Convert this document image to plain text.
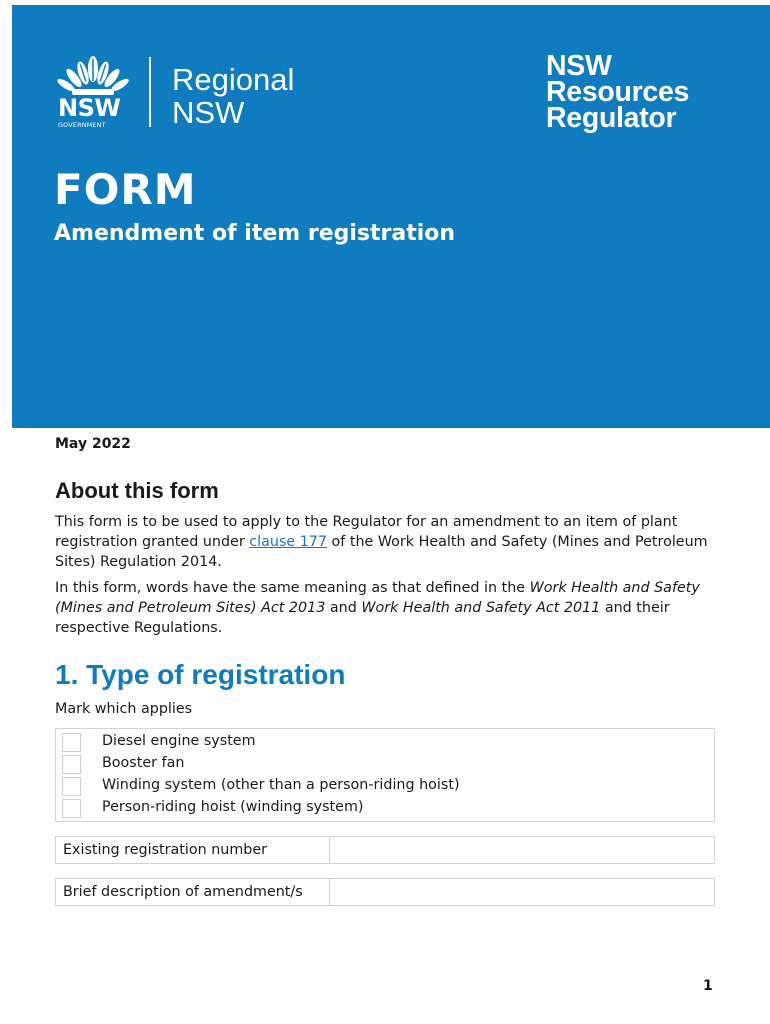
NSW
GOVERNMENT
Regional
NSW
NSW
Resources
Regulator
FORM
Amendment of item registration
May 2022
About this form
This form is to be used to apply to the Regulator for an amendment to an item of plant registration granted under clause 177 of the Work Health and Safety (Mines and Petroleum Sites) Regulation 2014.
In this form, words have the same meaning as that defined in the Work Health and Safety (Mines and Petroleum Sites) Act 2013 and Work Health and Safety Act 2011 and their respective Regulations.
1. Type of registration
Mark which applies
Diesel engine system
Booster fan
Winding system (other than a person-riding hoist)
Person-riding hoist (winding system)
Existing registration number
Brief description of amendment/s
1
